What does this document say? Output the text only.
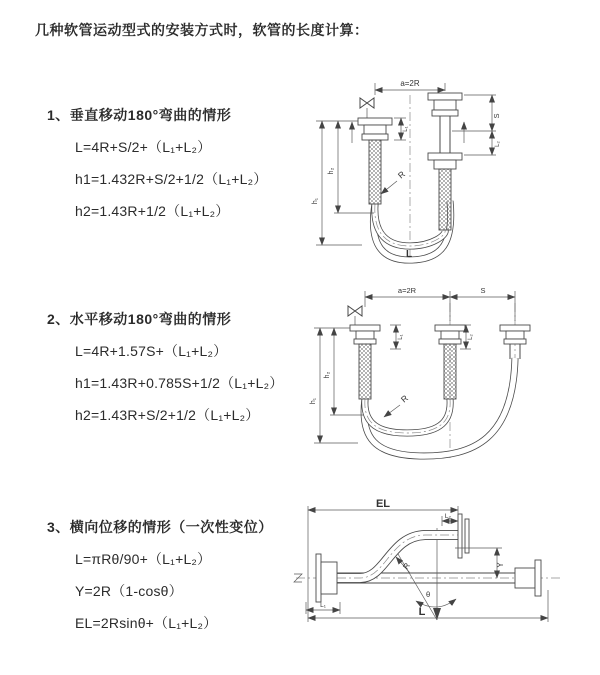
几种软管运动型式的安装方式时，软管的长度计算：
1、垂直移动180°弯曲的情形
L=4R+S/2+（L₁+L₂）
h1=1.432R+S/2+1/2（L₁+L₂）
h2=1.43R+1/2（L₁+L₂）
2、水平移动180°弯曲的情形
L=4R+1.57S+（L₁+L₂）
h1=1.43R+0.785S+1/2（L₁+L₂）
h2=1.43R+S/2+1/2（L₁+L₂）
3、横向位移的情形（一次性变位）
L=πRθ/90+（L₁+L₂）
Y=2R（1-cosθ）
EL=2Rsinθ+（L₁+L₂）
a=2R
S
L₂
L₁
h₂
h₁
R
L
a=2R	S
L₁	L₂
h₂
h₁	R
θ
EL
L₂
Y
R
L₁
L
